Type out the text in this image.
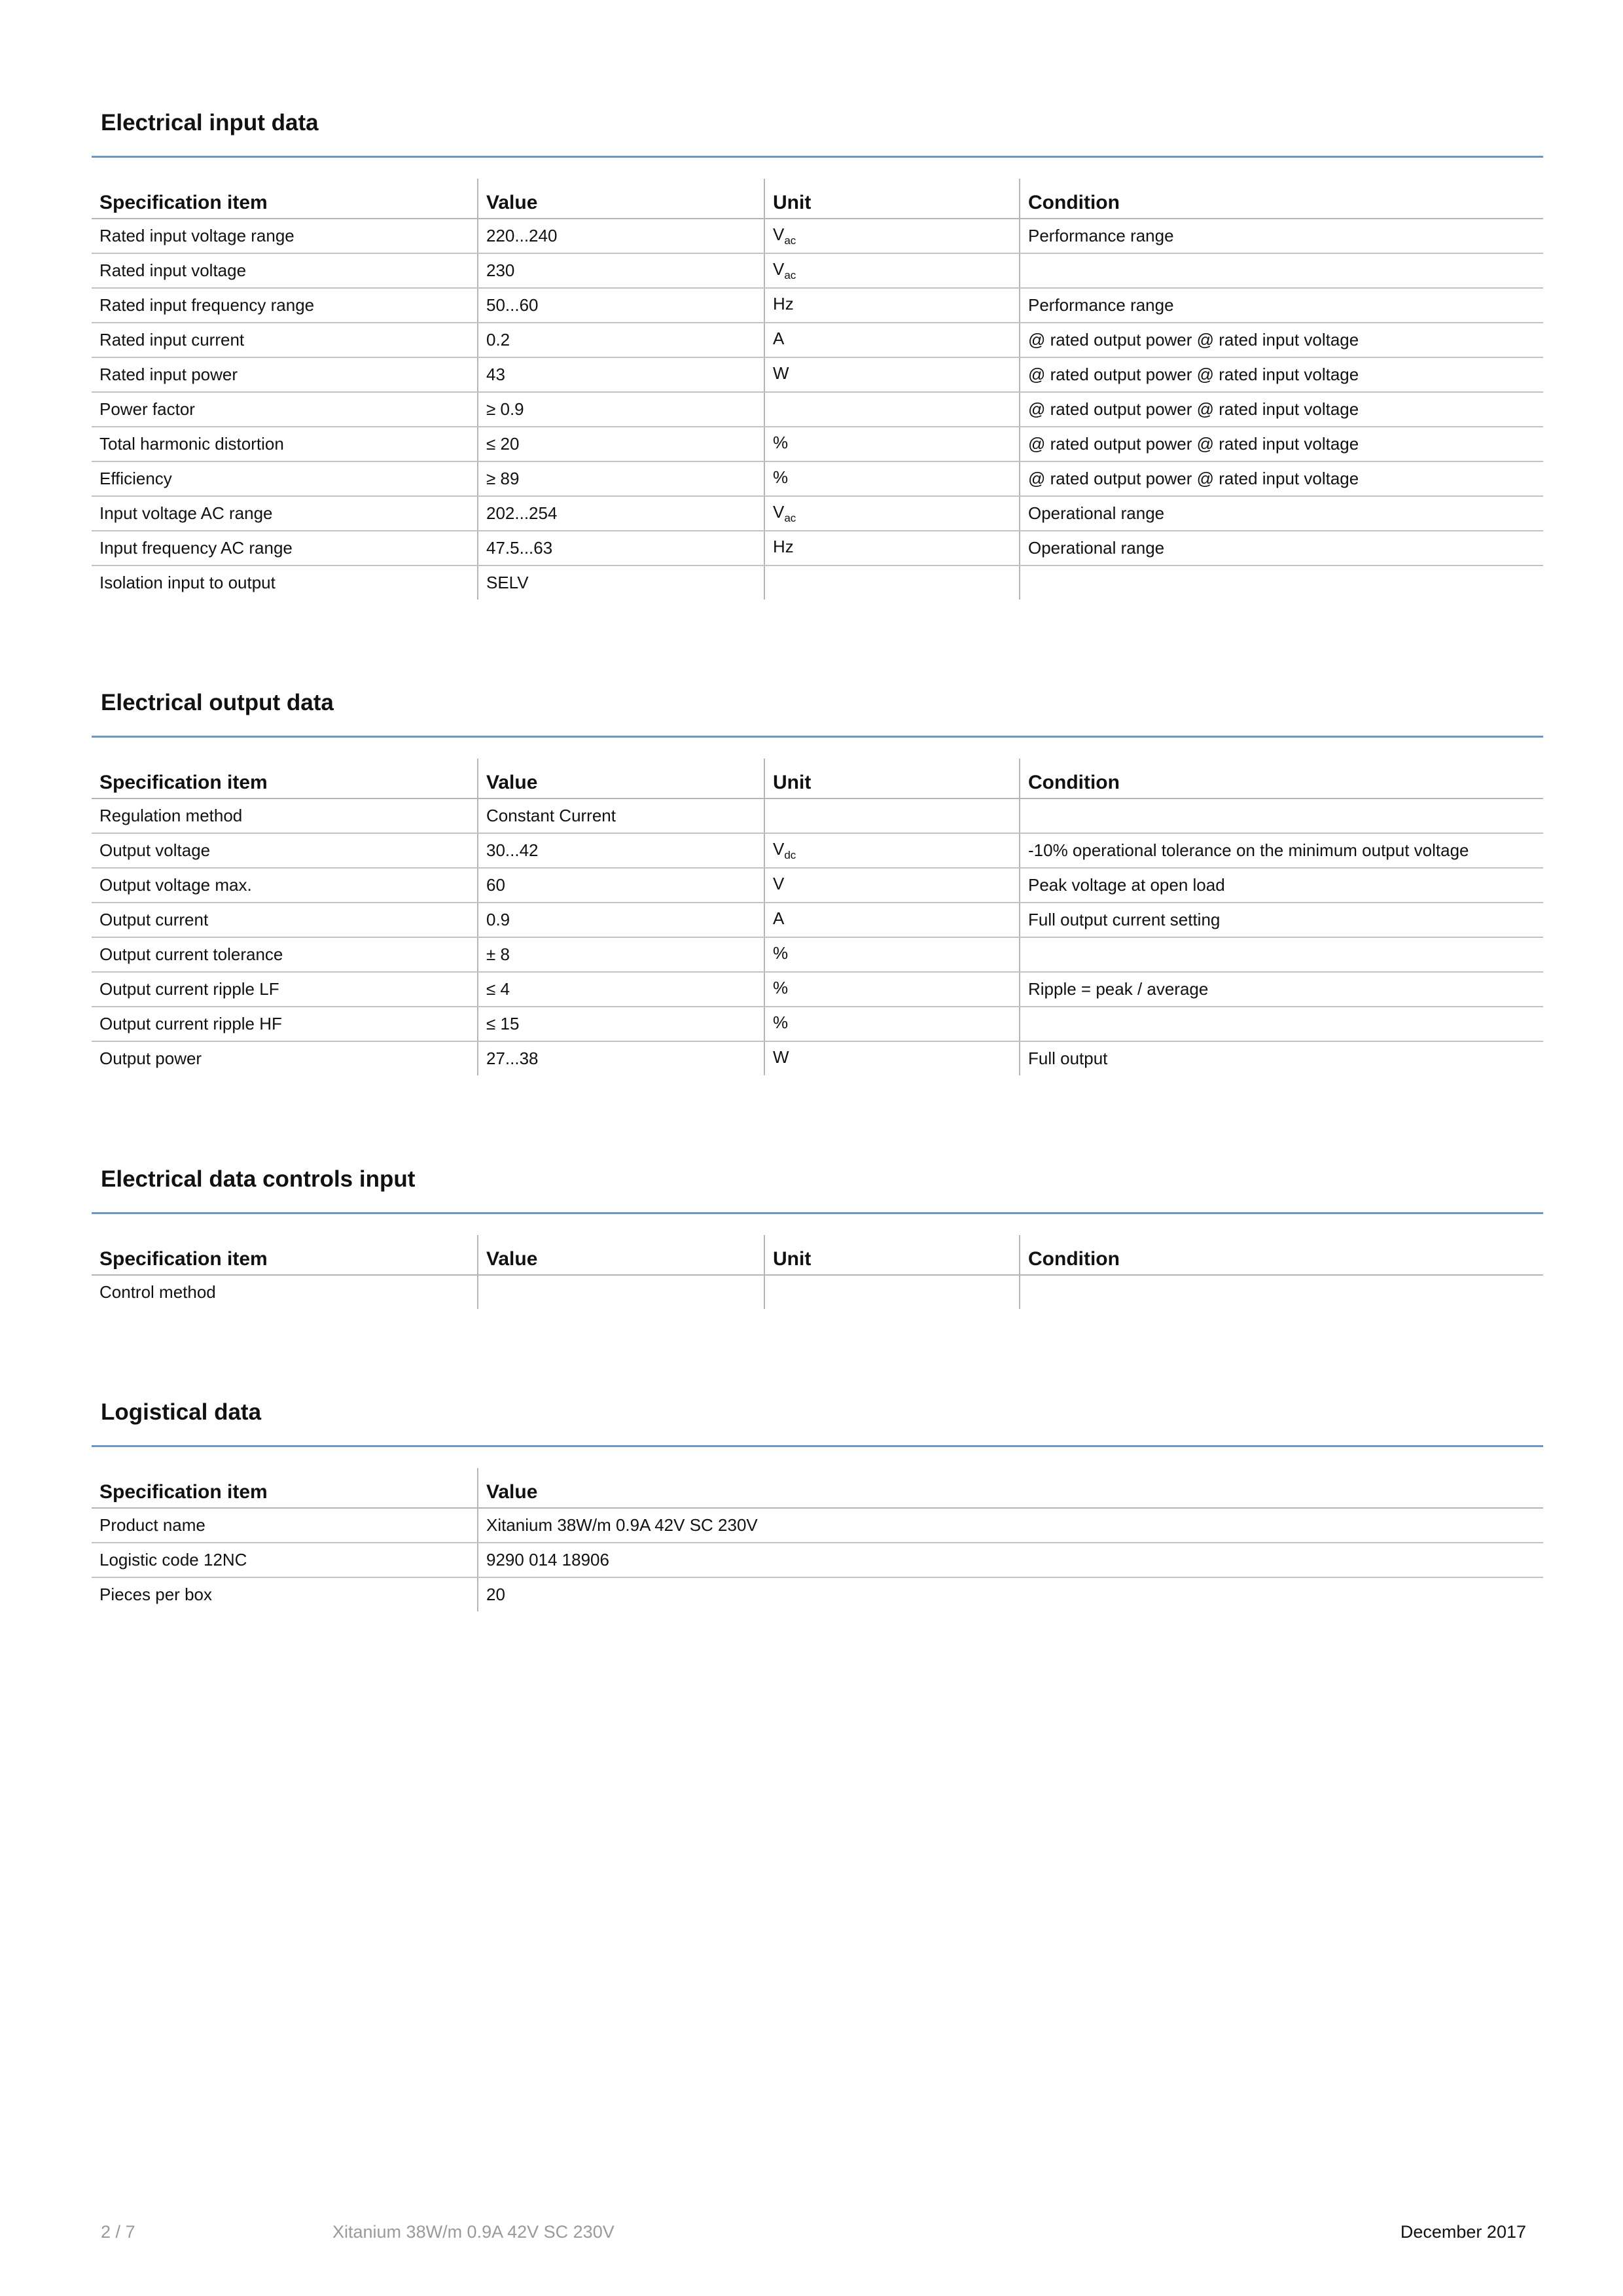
Electrical input data
Specification item	Value	Unit	Condition
Rated input voltage range	220...240	$V_{ac}$	Performance range
Rated input voltage	230	$V_{ac}$	
Rated input frequency range	50...60	Hz	Performance range
Rated input current	0.2	A	@ rated output power @ rated input voltage
Rated input power	43	W	@ rated output power @ rated input voltage
Power factor	≥ 0.9		@ rated output power @ rated input voltage
Total harmonic distortion	≤ 20	%	@ rated output power @ rated input voltage
Efficiency	≥ 89	%	@ rated output power @ rated input voltage
Input voltage AC range	202...254	$V_{ac}$	Operational range
Input frequency AC range	47.5...63	Hz	Operational range
Isolation input to output	SELV		
Electrical output data
Specification item	Value	Unit	Condition
Regulation method	Constant Current		
Output voltage	30...42	$V_{dc}$	-10% operational tolerance on the minimum output voltage
Output voltage max.	60	V	Peak voltage at open load
Output current	0.9	A	Full output current setting
Output current tolerance	± 8	%	
Output current ripple LF	≤ 4	%	Ripple = peak / average
Output current ripple HF	≤ 15	%	
Output power	27...38	W	Full output
Electrical data controls input
Specification item	Value	Unit	Condition
Control method			
Logistical data
Specification item	Value
Product name	Xitanium 38W/m 0.9A 42V SC 230V
Logistic code 12NC	9290 014 18906
Pieces per box	20
2 / 7	Xitanium 38W/m 0.9A 42V SC 230V	December 2017
